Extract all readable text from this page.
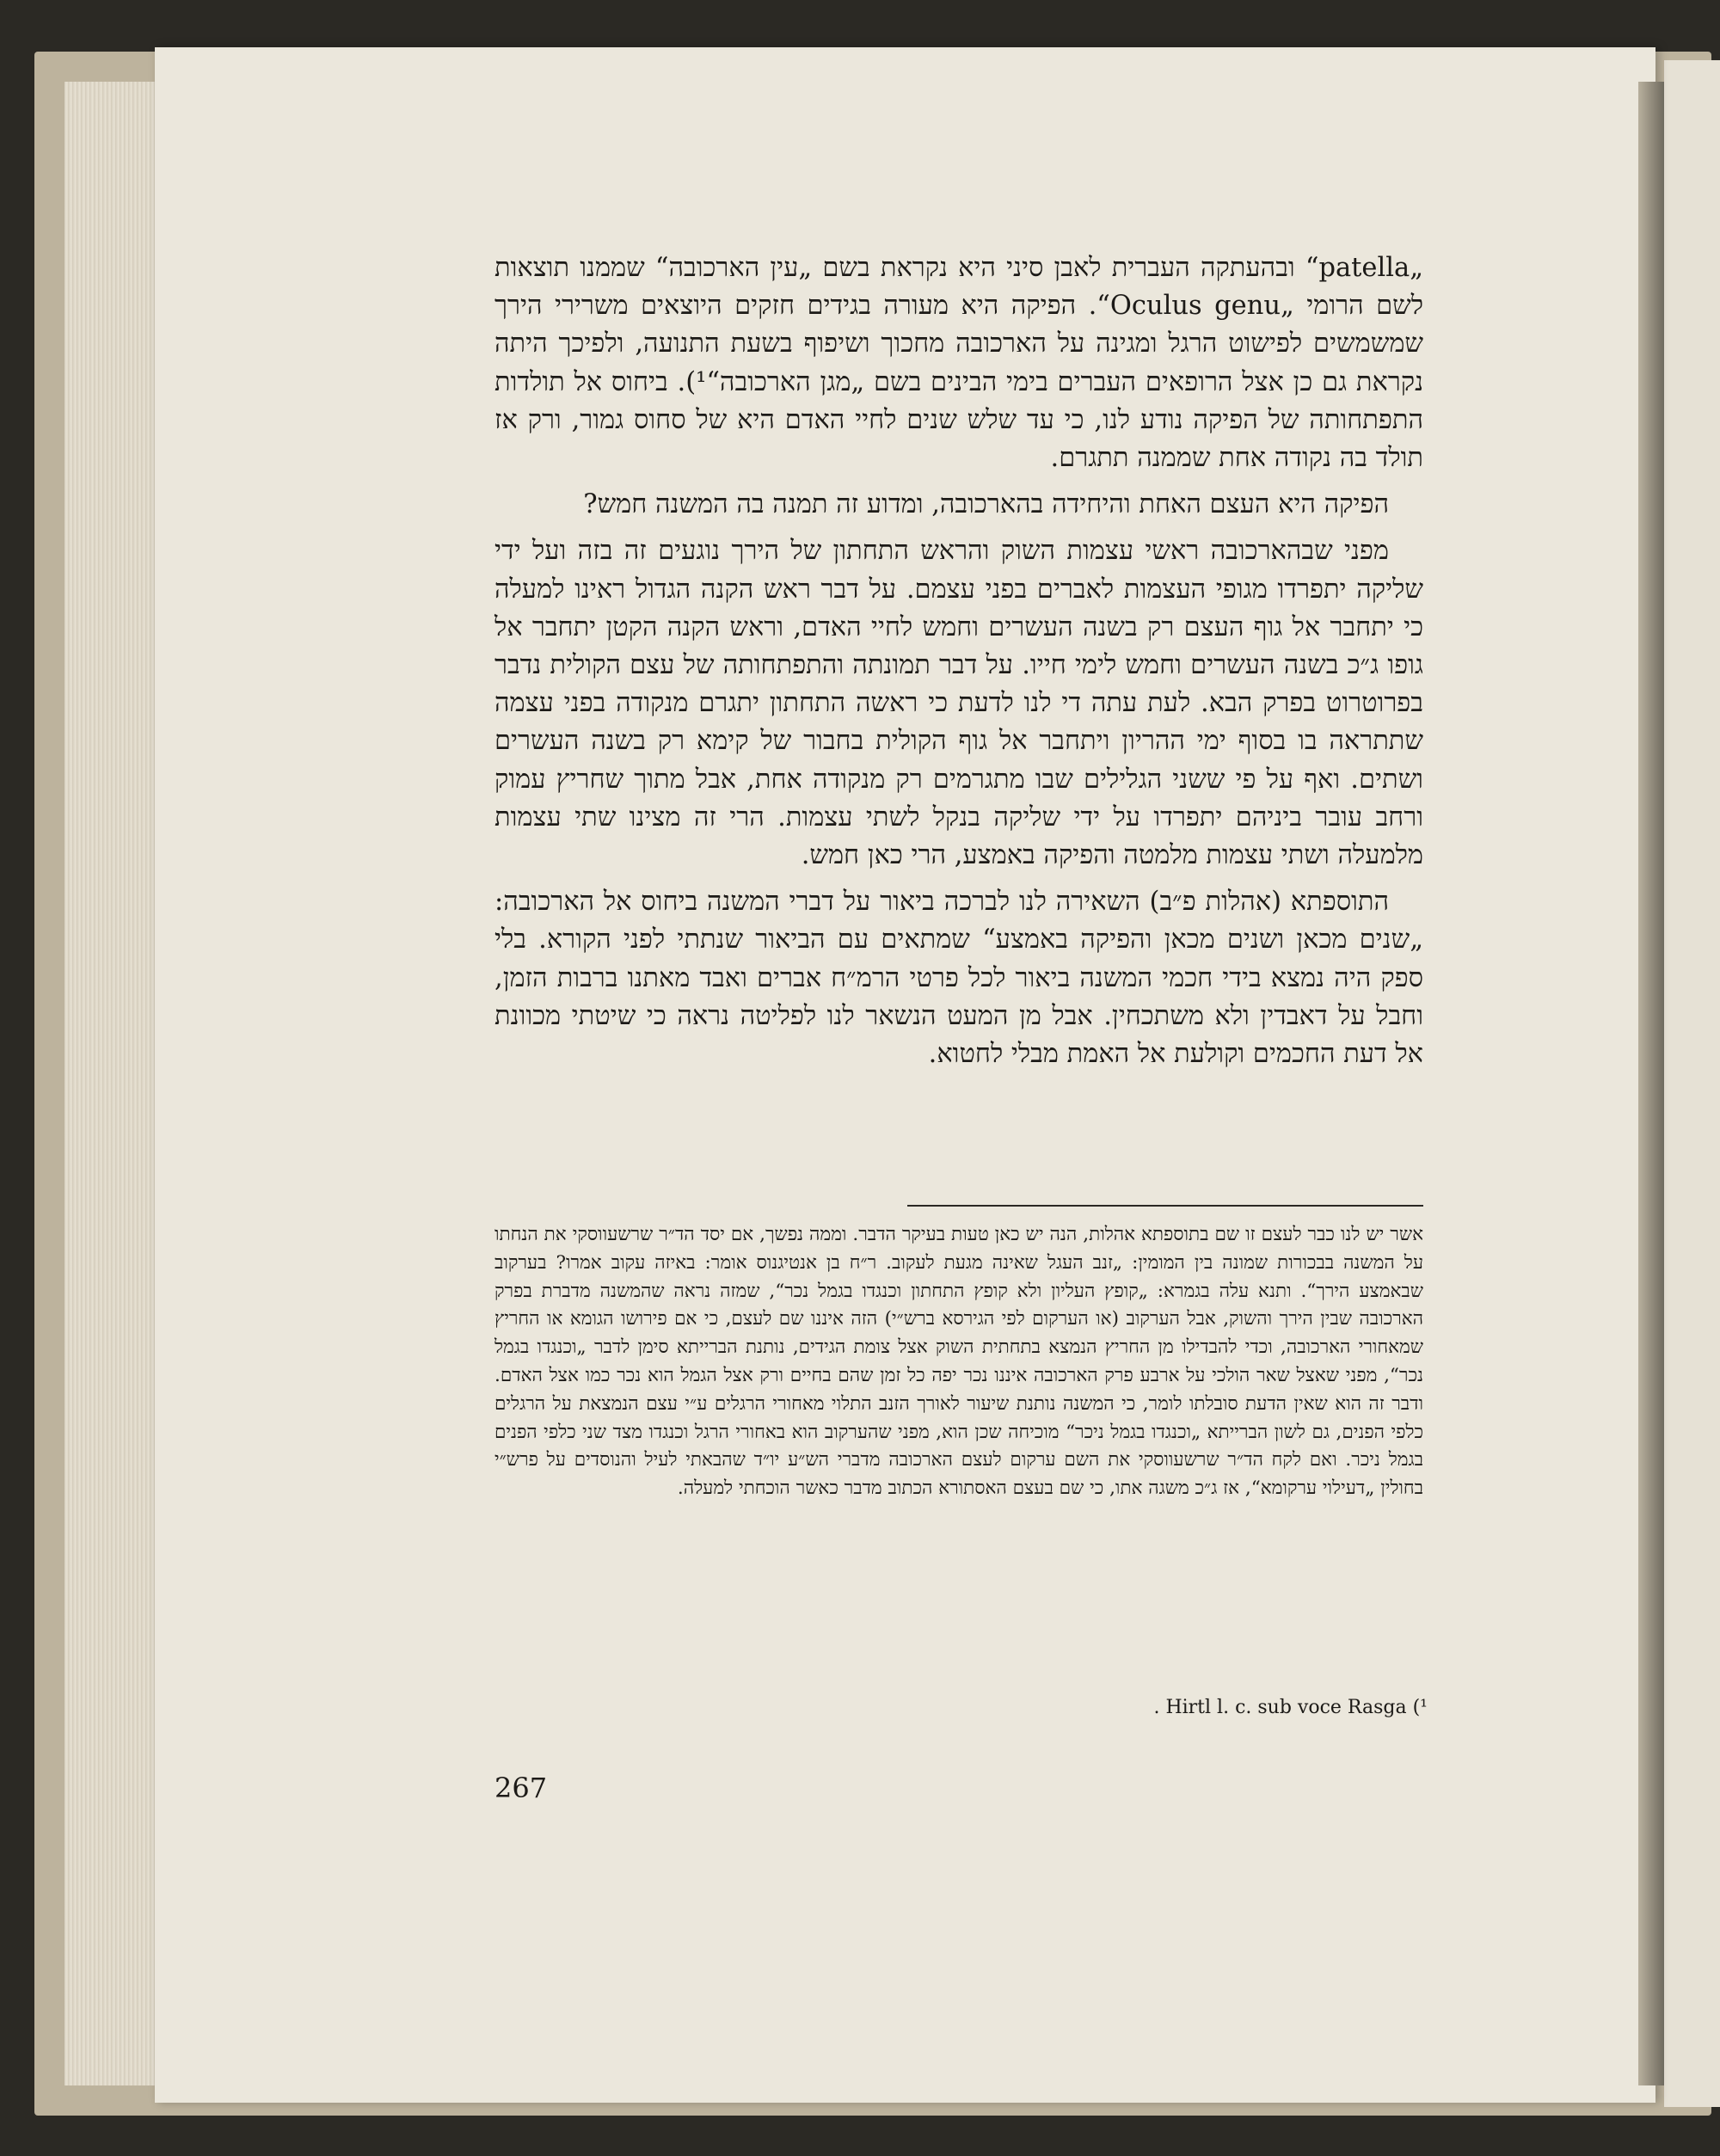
„patella“ ובהעתקה העברית לאבן סיני היא נקראת בשם „עין הארכובה“ שממנו תוצאות לשם הרומי „Oculus genu“. הפיקה היא מעורה בגידים חזקים היוצאים משרירי הירך שמשמשים לפישוט הרגל ומגינה על הארכובה מחכוך ושיפוף בשעת התנועה, ולפיכך היתה נקראת גם כן אצל הרופאים העברים בימי הבינים בשם „מגן הארכובה“¹). ביחוס אל תולדות התפתחותה של הפיקה נודע לנו, כי עד שלש שנים לחיי האדם היא של סחוס גמור, ורק אז תולד בה נקודה אחת שממנה תתגרם.

הפיקה היא העצם האחת והיחידה בהארכובה, ומדוע זה תמנה בה המשנה חמש?

מפני שבהארכובה ראשי עצמות השוק והראש התחתון של הירך נוגעים זה בזה ועל ידי שליקה יתפרדו מגופי העצמות לאברים בפני עצמם. על דבר ראש הקנה הגדול ראינו למעלה כי יתחבר אל גוף העצם רק בשנה העשרים וחמש לחיי האדם, וראש הקנה הקטן יתחבר אל גופו ג״כ בשנה העשרים וחמש לימי חייו. על דבר תמונתה והתפתחותה של עצם הקולית נדבר בפרוטרוט בפרק הבא. לעת עתה די לנו לדעת כי ראשה התחתון יתגרם מנקודה בפני עצמה שתתראה בו בסוף ימי ההריון ויתחבר אל גוף הקולית בחבור של קימא רק בשנה העשרים ושתים. ואף על פי ששני הגלילים שבו מתגרמים רק מנקודה אחת, אבל מתוך שחריץ עמוק ורחב עובר ביניהם יתפרדו על ידי שליקה בנקל לשתי עצמות. הרי זה מצינו שתי עצמות מלמעלה ושתי עצמות מלמטה והפיקה באמצע, הרי כאן חמש.

התוספתא (אהלות פ״ב) השאירה לנו לברכה ביאור על דברי המשנה ביחוס אל הארכובה: „שנים מכאן ושנים מכאן והפיקה באמצע“ שמתאים עם הביאור שנתתי לפני הקורא. בלי ספק היה נמצא בידי חכמי המשנה ביאור לכל פרטי הרמ״ח אברים ואבד מאתנו ברבות הזמן, וחבל על דאבדין ולא משתכחין. אבל מן המעט הנשאר לנו לפליטה נראה כי שיטתי מכוונת אל דעת החכמים וקולעת אל האמת מבלי לחטוא.

אשר יש לנו כבר לעצם זו שם בתוספתא אהלות, הנה יש כאן טעות בעיקר הדבר. וממה נפשך, אם יסד הד״ר שרשעווסקי את הנחתו על המשנה בבכורות שמונה בין המומין: „זנב העגל שאינה מגעת לעקוב. ר״ח בן אנטיגנוס אומר: באיזה עקוב אמרו? בערקוב שבאמצע הירך“. ותנא עלה בגמרא: „קופץ העליון ולא קופץ התחתון וכנגדו בגמל נכר“, שמזה נראה שהמשנה מדברת בפרק הארכובה שבין הירך והשוק, אבל הערקוב (או הערקום לפי הגירסא ברש״י) הזה איננו שם לעצם, כי אם פירושו הגומא או החריץ שמאחורי הארכובה, וכדי להבדילו מן החריץ הנמצא בתחתית השוק אצל צומת הגידים, נותנת הברייתא סימן לדבר „וכנגדו בגמל נכר“, מפני שאצל שאר הולכי על ארבע פרק הארכובה איננו נכר יפה כל זמן שהם בחיים ורק אצל הגמל הוא נכר כמו אצל האדם. ודבר זה הוא שאין הדעת סובלתו לומר, כי המשנה נותנת שיעור לאורך הזנב התלוי מאחורי הרגלים ע״י עצם הנמצאת על הרגלים כלפי הפנים, גם לשון הברייתא „וכנגדו בגמל ניכר“ מוכיחה שכן הוא, מפני שהערקוב הוא באחורי הרגל וכנגדו מצד שני כלפי הפנים בגמל ניכר. ואם לקח הד״ר שרשעווסקי את השם ערקום לעצם הארכובה מדברי הש״ע יו״ד שהבאתי לעיל והנוסדים על פרש״י בחולין „דעילוי ערקומא“, אז ג״כ משגה אתו, כי שם בעצם האסתורא הכתוב מדבר כאשר הוכחתי למעלה.

¹) Hirtl l. c. sub voce Rasga .
267
